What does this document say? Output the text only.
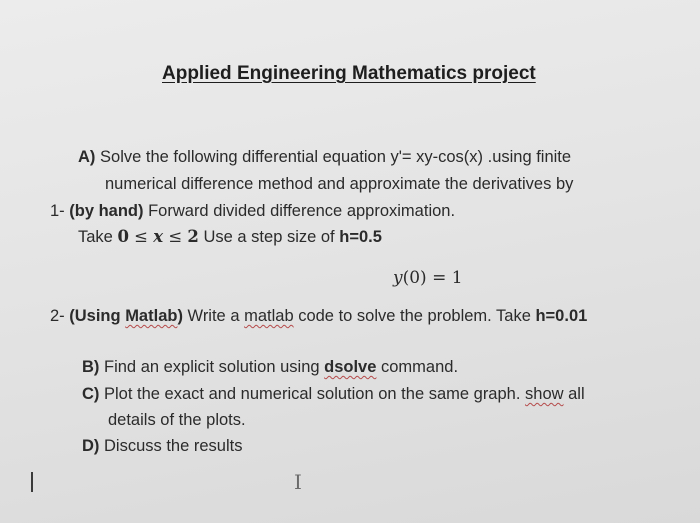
Applied Engineering Mathematics project
A) Solve the following differential equation y'= xy-cos(x) .using finite
numerical difference method and approximate the derivatives by
1- (by hand) Forward divided difference approximation.
Take 0 ≤ x ≤ 2 Use a step size of h=0.5
y(0) = 1
2- (Using Matlab) Write a matlab code to solve the problem. Take h=0.01
B) Find an explicit solution using dsolve command.
C) Plot the exact and numerical solution on the same graph. show all
details of the plots.
D) Discuss the results
I
